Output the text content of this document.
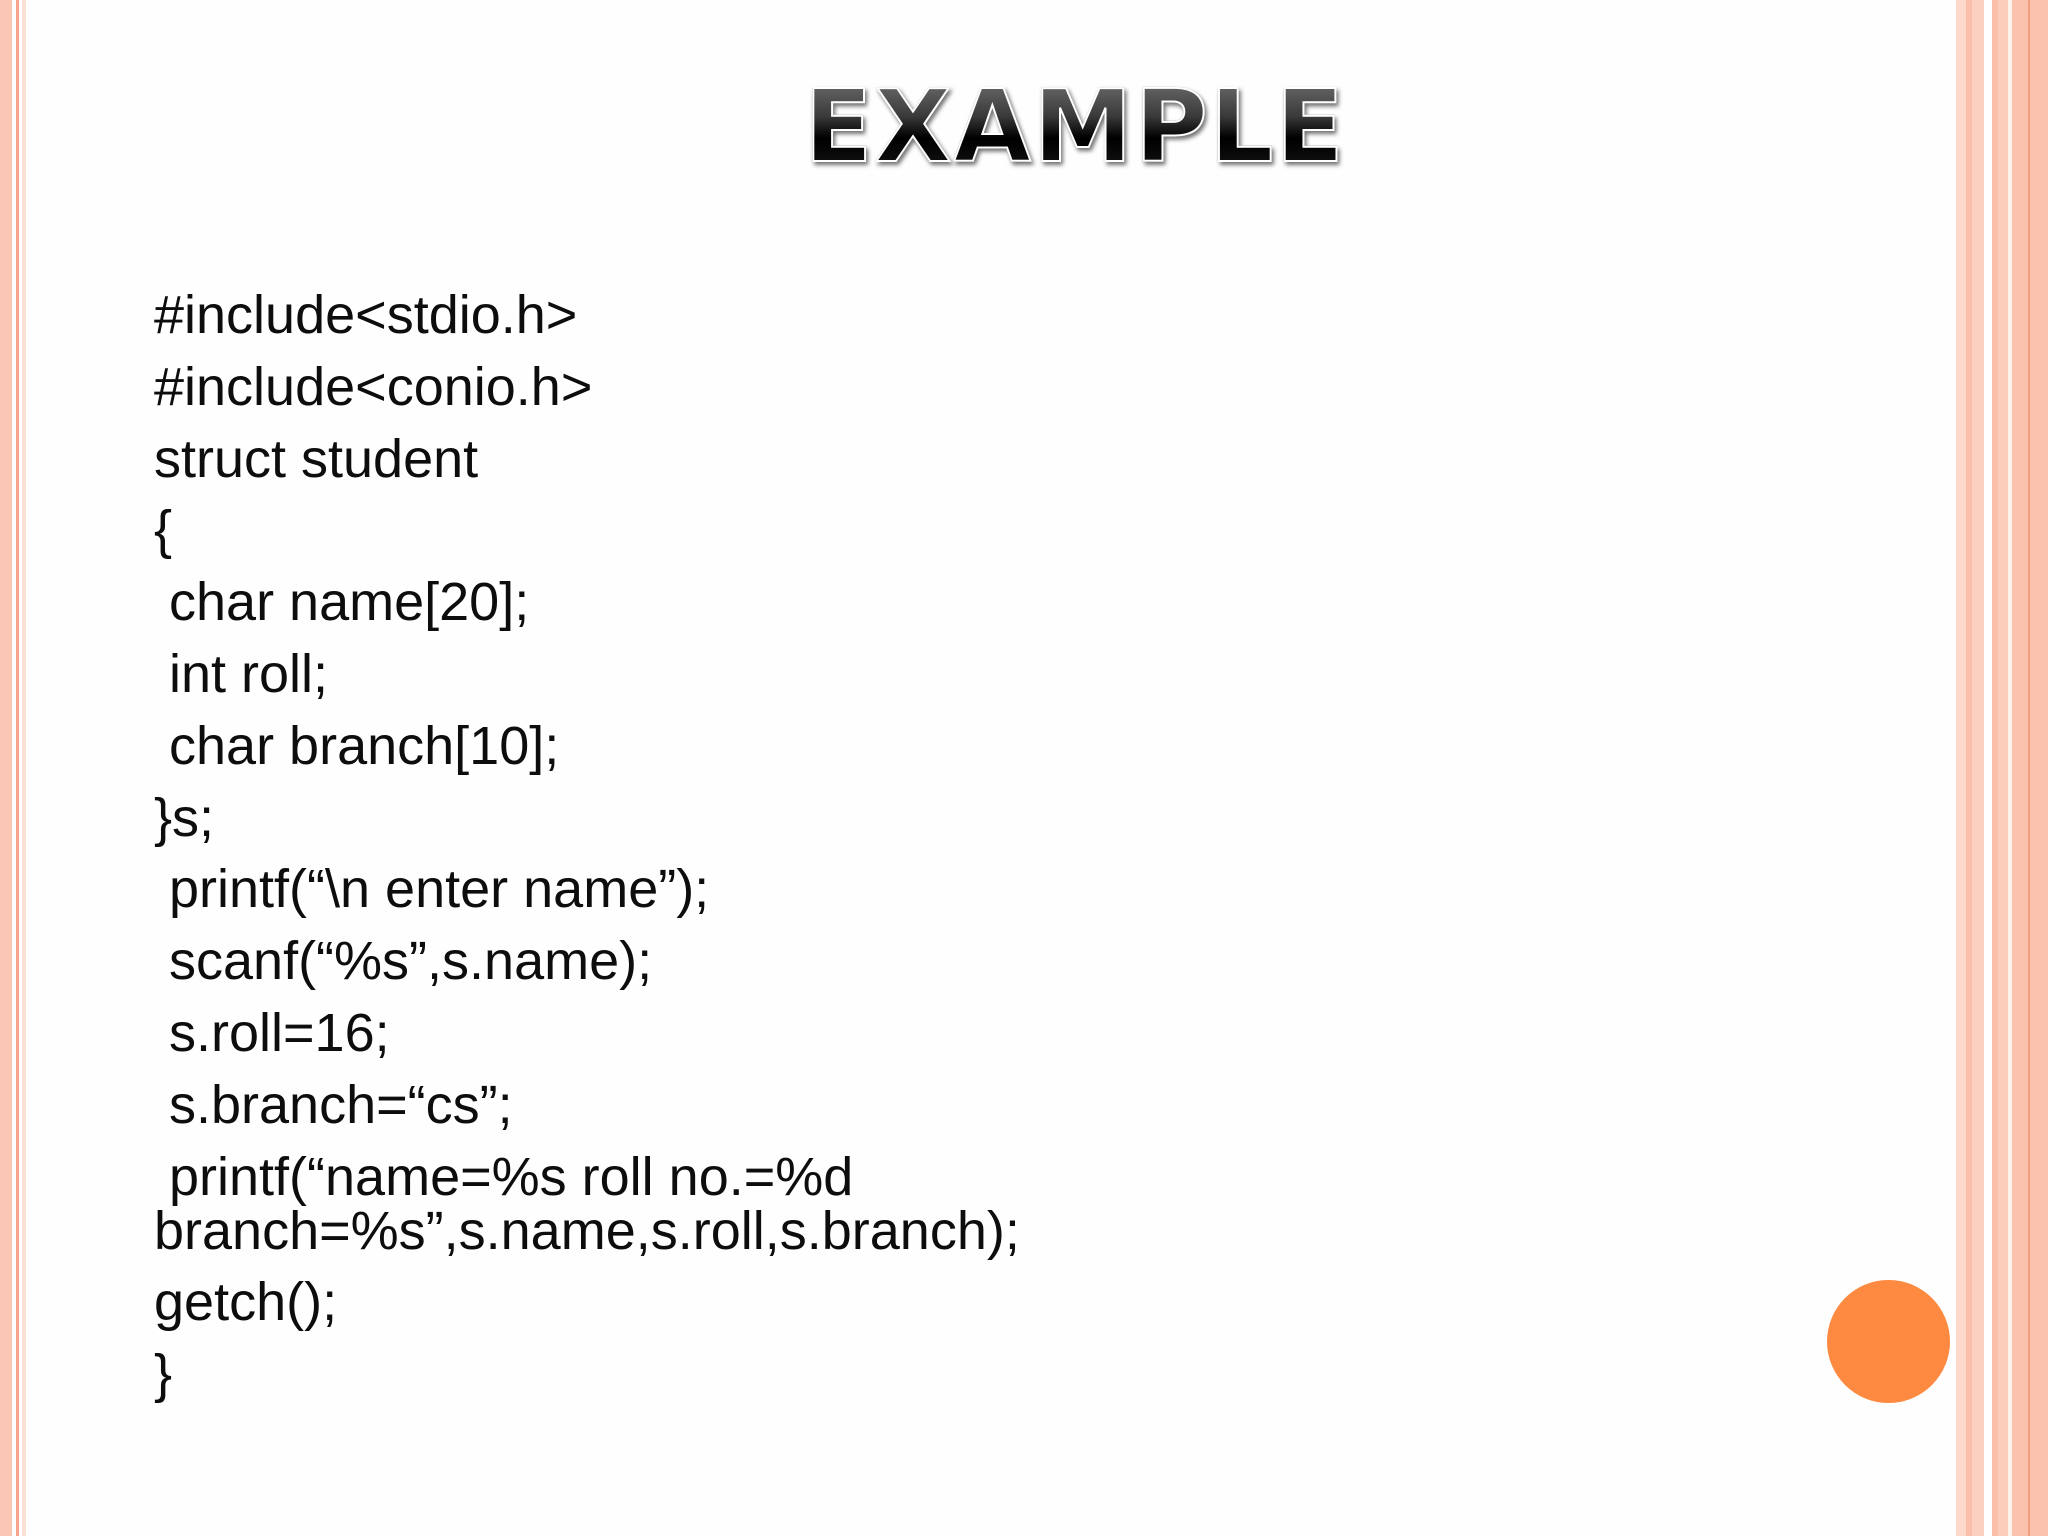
EXAMPLE
#include<stdio.h>
#include<conio.h>
struct student
{
char name[20];
int roll;
char branch[10];
}s;
printf(“\n enter name”);
scanf(“%s”,s.name);
s.roll=16;
s.branch=“cs”;
printf(“name=%s roll no.=%d
branch=%s”,s.name,s.roll,s.branch);
getch();
}
